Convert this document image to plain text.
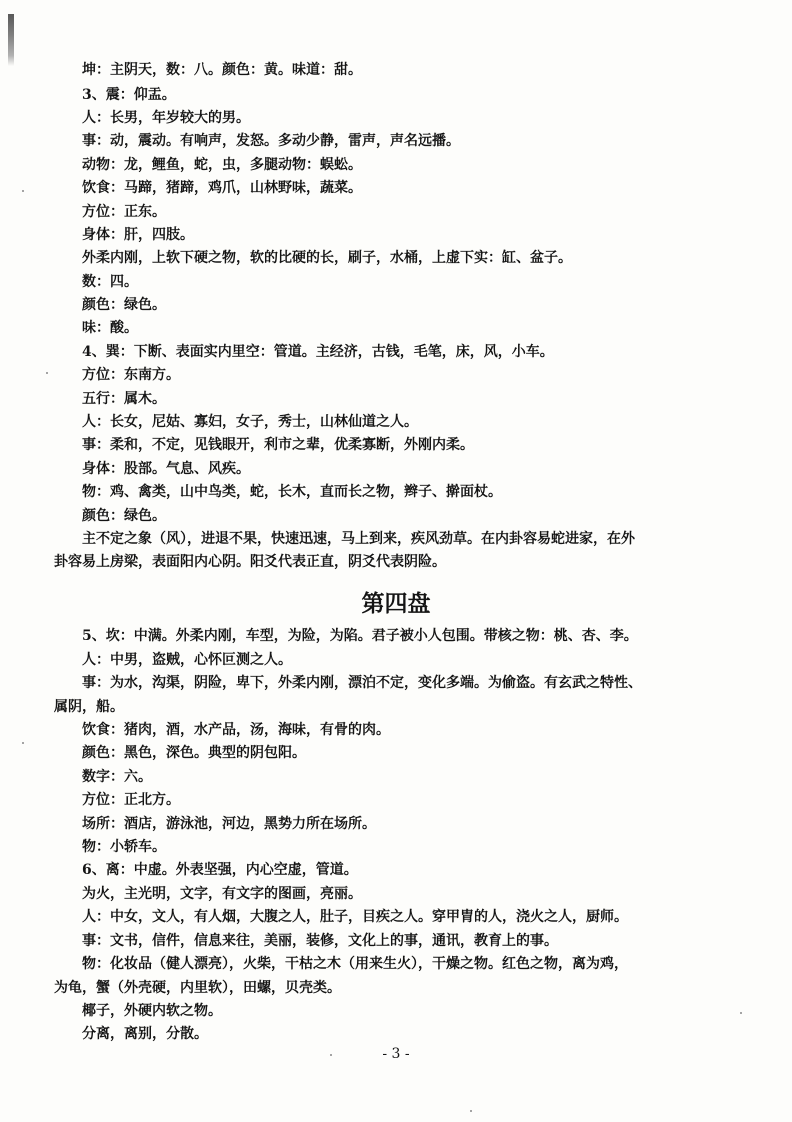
坤：主阴天，数：八。颜色：黄。味道：甜。
3、震：仰盂。
人：长男，年岁较大的男。
事：动，震动。有响声，发怒。多动少静，雷声，声名远播。
动物：龙，鲤鱼，蛇，虫，多腿动物：蜈蚣。
饮食：马蹄，猪蹄，鸡爪，山林野味，蔬菜。
方位：正东。
身体：肝，四肢。
外柔内刚，上软下硬之物，软的比硬的长，刷子，水桶，上虚下实：缸、盆子。
数：四。
颜色：绿色。
味：酸。
4、巽：下断、表面实内里空：管道。主经济，古钱，毛笔，床，风，小车。
方位：东南方。
五行：属木。
人：长女，尼姑、寡妇，女子，秀士，山林仙道之人。
事：柔和，不定，见钱眼开，利市之辈，优柔寡断，外刚内柔。
身体：股部。气息、风疾。
物：鸡、禽类，山中鸟类，蛇，长木，直而长之物，辫子、擀面杖。
颜色：绿色。
主不定之象（风），进退不果，快速迅速，马上到来，疾风劲草。在内卦容易蛇进家，在外
卦容易上房梁，表面阳内心阴。阳爻代表正直，阴爻代表阴险。
第四盘
5、坎：中满。外柔内刚，车型，为险，为陷。君子被小人包围。带核之物：桃、杏、李。
人：中男，盗贼，心怀叵测之人。
事：为水，沟渠，阴险，卑下，外柔内刚，漂泊不定，变化多端。为偷盗。有玄武之特性、
属阴，船。
饮食：猪肉，酒，水产品，汤，海味，有骨的肉。
颜色：黑色，深色。典型的阴包阳。
数字：六。
方位：正北方。
场所：酒店，游泳池，河边，黑势力所在场所。
物：小轿车。
6、离：中虚。外表坚强，内心空虚，管道。
为火，主光明，文字，有文字的图画，亮丽。
人：中女，文人，有人烟，大腹之人，肚子，目疾之人。穿甲胄的人，浇火之人，厨师。
事：文书，信件，信息来往，美丽，装修，文化上的事，通讯，教育上的事。
物：化妆品（健人漂亮），火柴，干枯之木（用来生火），干燥之物。红色之物，离为鸡，
为龟，蟹（外壳硬，内里软），田螺，贝壳类。
椰子，外硬内软之物。
分离，离别，分散。
- 3 -
